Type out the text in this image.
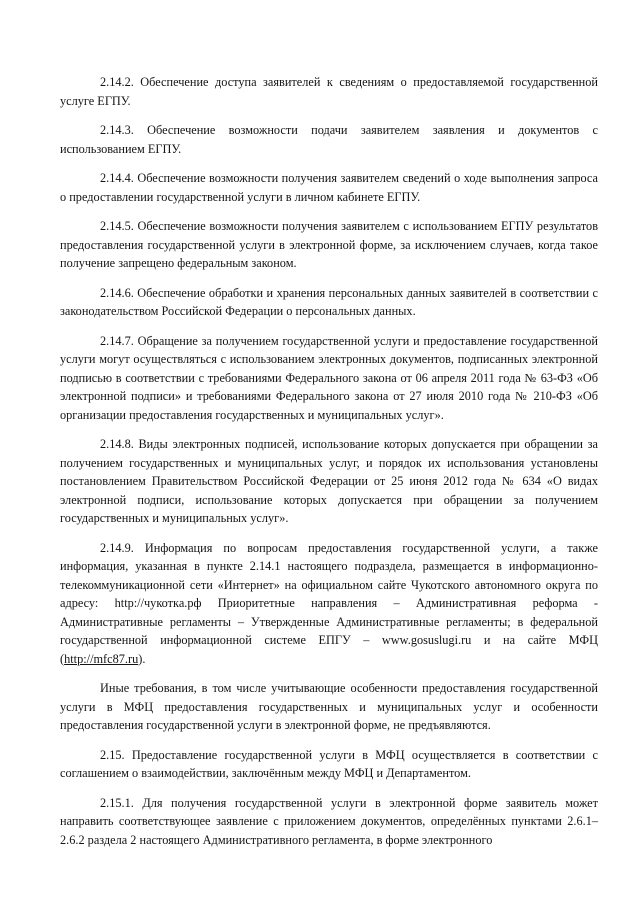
2.14.2. Обеспечение доступа заявителей к сведениям о предоставляемой государственной услуге ЕГПУ.

2.14.3. Обеспечение возможности подачи заявителем заявления и документов с использованием ЕГПУ.

2.14.4. Обеспечение возможности получения заявителем сведений о ходе выполнения запроса о предоставлении государственной услуги в личном кабинете ЕГПУ.

2.14.5. Обеспечение возможности получения заявителем с использованием ЕГПУ результатов предоставления государственной услуги в электронной форме, за исключением случаев, когда такое получение запрещено федеральным законом.

2.14.6. Обеспечение обработки и хранения персональных данных заявителей в соответствии с законодательством Российской Федерации о персональных данных.

2.14.7. Обращение за получением государственной услуги и предоставление государственной услуги могут осуществляться с использованием электронных документов, подписанных электронной подписью в соответствии с требованиями Федерального закона от 06 апреля 2011 года № 63-ФЗ «Об электронной подписи» и требованиями Федерального закона от 27 июля 2010 года № 210-ФЗ «Об организации предоставления государственных и муниципальных услуг».

2.14.8. Виды электронных подписей, использование которых допускается при обращении за получением государственных и муниципальных услуг, и порядок их использования установлены постановлением Правительством Российской Федерации от 25 июня 2012 года № 634 «О видах электронной подписи, использование которых допускается при обращении за получением государственных и муниципальных услуг».

2.14.9. Информация по вопросам предоставления государственной услуги, а также информация, указанная в пункте 2.14.1 настоящего подраздела, размещается в информационно-телекоммуникационной сети «Интернет» на официальном сайте Чукотского автономного округа по адресу: http://чукотка.рф Приоритетные направления – Административная реформа - Административные регламенты – Утвержденные Административные регламенты; в федеральной государственной информационной системе ЕПГУ – www.gosuslugi.ru и на сайте МФЦ (http://mfc87.ru).

Иные требования, в том числе учитывающие особенности предоставления государственной услуги в МФЦ предоставления государственных и муниципальных услуг и особенности предоставления государственной услуги в электронной форме, не предъявляются.

2.15. Предоставление государственной услуги в МФЦ осуществляется в соответствии с соглашением о взаимодействии, заключённым между МФЦ и Департаментом.

2.15.1. Для получения государственной услуги в электронной форме заявитель может направить соответствующее заявление с приложением документов, определённых пунктами 2.6.1–2.6.2 раздела 2 настоящего Административного регламента, в форме электронного
